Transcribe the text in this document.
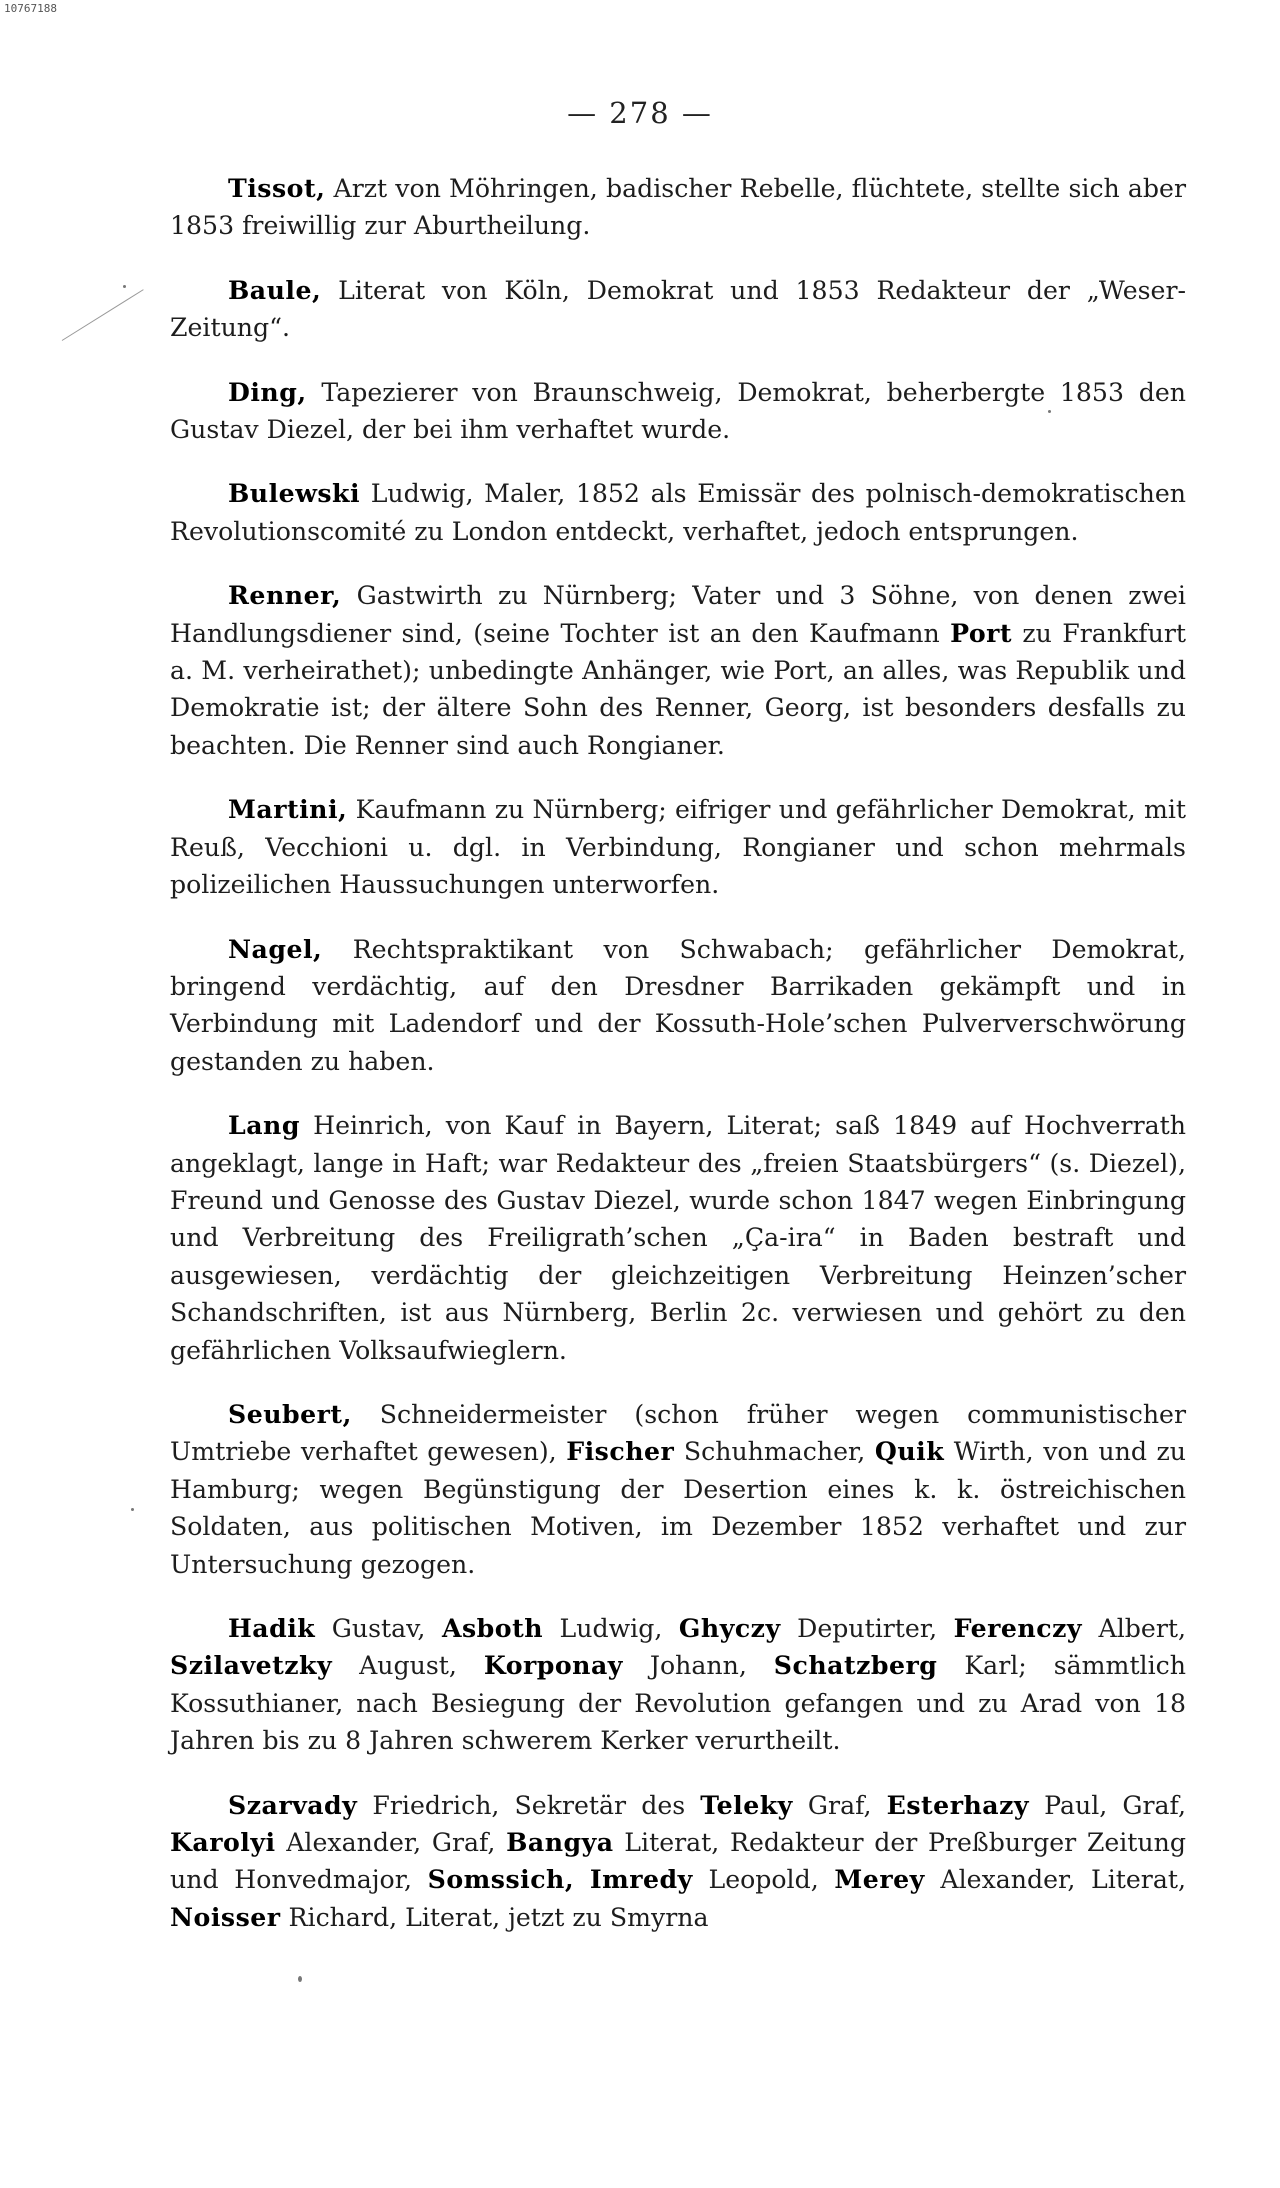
10767188
— 278 —

Tissot, Arzt von Möhringen, badischer Rebelle, flüchtete, stellte sich aber 1853 freiwillig zur Aburtheilung.

Baule, Literat von Köln, Demokrat und 1853 Redakteur der „Weser-Zeitung“.

Ding, Tapezierer von Braunschweig, Demokrat, beherbergte 1853 den Gustav Diezel, der bei ihm verhaftet wurde.

Bulewski Ludwig, Maler, 1852 als Emissär des polnisch-demokratischen Revolutionscomité zu London entdeckt, verhaftet, jedoch entsprungen.

Renner, Gastwirth zu Nürnberg; Vater und 3 Söhne, von denen zwei Handlungsdiener sind, (seine Tochter ist an den Kaufmann Port zu Frankfurt a. M. verheirathet); unbedingte Anhänger, wie Port, an alles, was Republik und Demokratie ist; der ältere Sohn des Renner, Georg, ist besonders desfalls zu beachten. Die Renner sind auch Rongianer.

Martini, Kaufmann zu Nürnberg; eifriger und gefährlicher Demokrat, mit Reuß, Vecchioni u. dgl. in Verbindung, Rongianer und schon mehrmals polizeilichen Haussuchungen unterworfen.

Nagel, Rechtspraktikant von Schwabach; gefährlicher Demokrat, bringend verdächtig, auf den Dresdner Barrikaden gekämpft und in Verbindung mit Ladendorf und der Kossuth-Hole’schen Pulververschwörung gestanden zu haben.

Lang Heinrich, von Kauf in Bayern, Literat; saß 1849 auf Hochverrath angeklagt, lange in Haft; war Redakteur des „freien Staatsbürgers“ (s. Diezel), Freund und Genosse des Gustav Diezel, wurde schon 1847 wegen Einbringung und Verbreitung des Freiligrath’schen „Ça-ira“ in Baden bestraft und ausgewiesen, verdächtig der gleichzeitigen Verbreitung Heinzen’scher Schandschriften, ist aus Nürnberg, Berlin 2c. verwiesen und gehört zu den gefährlichen Volksaufwieglern.

Seubert, Schneidermeister (schon früher wegen communistischer Umtriebe verhaftet gewesen), Fischer Schuhmacher, Quik Wirth, von und zu Hamburg; wegen Begünstigung der Desertion eines k. k. östreichischen Soldaten, aus politischen Motiven, im Dezember 1852 verhaftet und zur Untersuchung gezogen.

Hadik Gustav, Asboth Ludwig, Ghyczy Deputirter, Ferenczy Albert, Szilavetzky August, Korponay Johann, Schatzberg Karl; sämmtlich Kossuthianer, nach Besiegung der Revolution gefangen und zu Arad von 18 Jahren bis zu 8 Jahren schwerem Kerker verurtheilt.

Szarvady Friedrich, Sekretär des Teleky Graf, Esterhazy Paul, Graf, Karolyi Alexander, Graf, Bangya Literat, Redakteur der Preßburger Zeitung und Honvedmajor, Somssich, Imredy Leopold, Merey Alexander, Literat, Noisser Richard, Literat, jetzt zu Smyrna
